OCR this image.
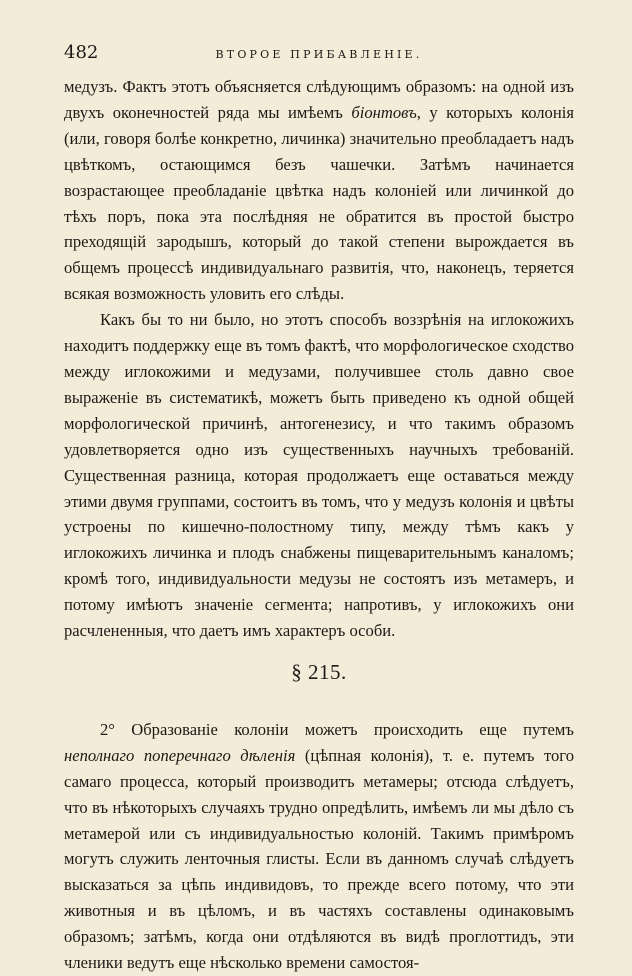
482	ВТОРОЕ ПРИБАВЛЕНІЕ.

медузъ. Фактъ этотъ объясняется слѣдующимъ образомъ: на одной изъ двухъ оконечностей ряда мы имѣемъ біонтовъ, у которыхъ колонія (или, говоря болѣе конкретно, личинка) значительно преобладаетъ надъ цвѣткомъ, остающимся безъ чашечки. Затѣмъ начинается возрастающее преобладаніе цвѣтка надъ колоніей или личинкой до тѣхъ поръ, пока эта послѣдняя не обратится въ простой быстро преходящій зародышъ, который до такой степени вырождается въ общемъ процессѣ индивидуальнаго развитія, что, наконецъ, теряется всякая возможность уловить его слѣды.

Какъ бы то ни было, но этотъ способъ воззрѣнія на иглокожихъ находитъ поддержку еще въ томъ фактѣ, что морфологическое сходство между иглокожими и медузами, получившее столь давно свое выраженіе въ систематикѣ, можетъ быть приведено къ одной общей морфологической причинѣ, антогенезису, и что такимъ образомъ удовлетворяется одно изъ существенныхъ научныхъ требованій. Существенная разница, которая продолжаетъ еще оставаться между этими двумя группами, состоитъ въ томъ, что у медузъ колонія и цвѣты устроены по кишечно-полостному типу, между тѣмъ какъ у иглокожихъ личинка и плодъ снабжены пищеварительнымъ каналомъ; кромѣ того, индивидуальности медузы не состоятъ изъ метамеръ, и потому имѣютъ значеніе сегмента; напротивъ, у иглокожихъ они расчлененныя, что даетъ имъ характеръ особи.

§ 215.

2° Образованіе колоніи можетъ происходить еще путемъ неполнаго поперечнаго дѣленія (цѣпная колонія), т. е. путемъ того самаго процесса, который производитъ метамеры; отсюда слѣдуетъ, что въ нѣкоторыхъ случаяхъ трудно опредѣлить, имѣемъ ли мы дѣло съ метамерой или съ индивидуальностью колоній. Такимъ примѣромъ могутъ служить ленточныя глисты. Если въ данномъ случаѣ слѣдуетъ высказаться за цѣпь индивидовъ, то прежде всего потому, что эти животныя и въ цѣломъ, и въ частяхъ составлены одинаковымъ образомъ; затѣмъ, когда они отдѣляются въ видѣ проглоттидъ, эти членики ведутъ еще нѣсколько времени самостоя-
